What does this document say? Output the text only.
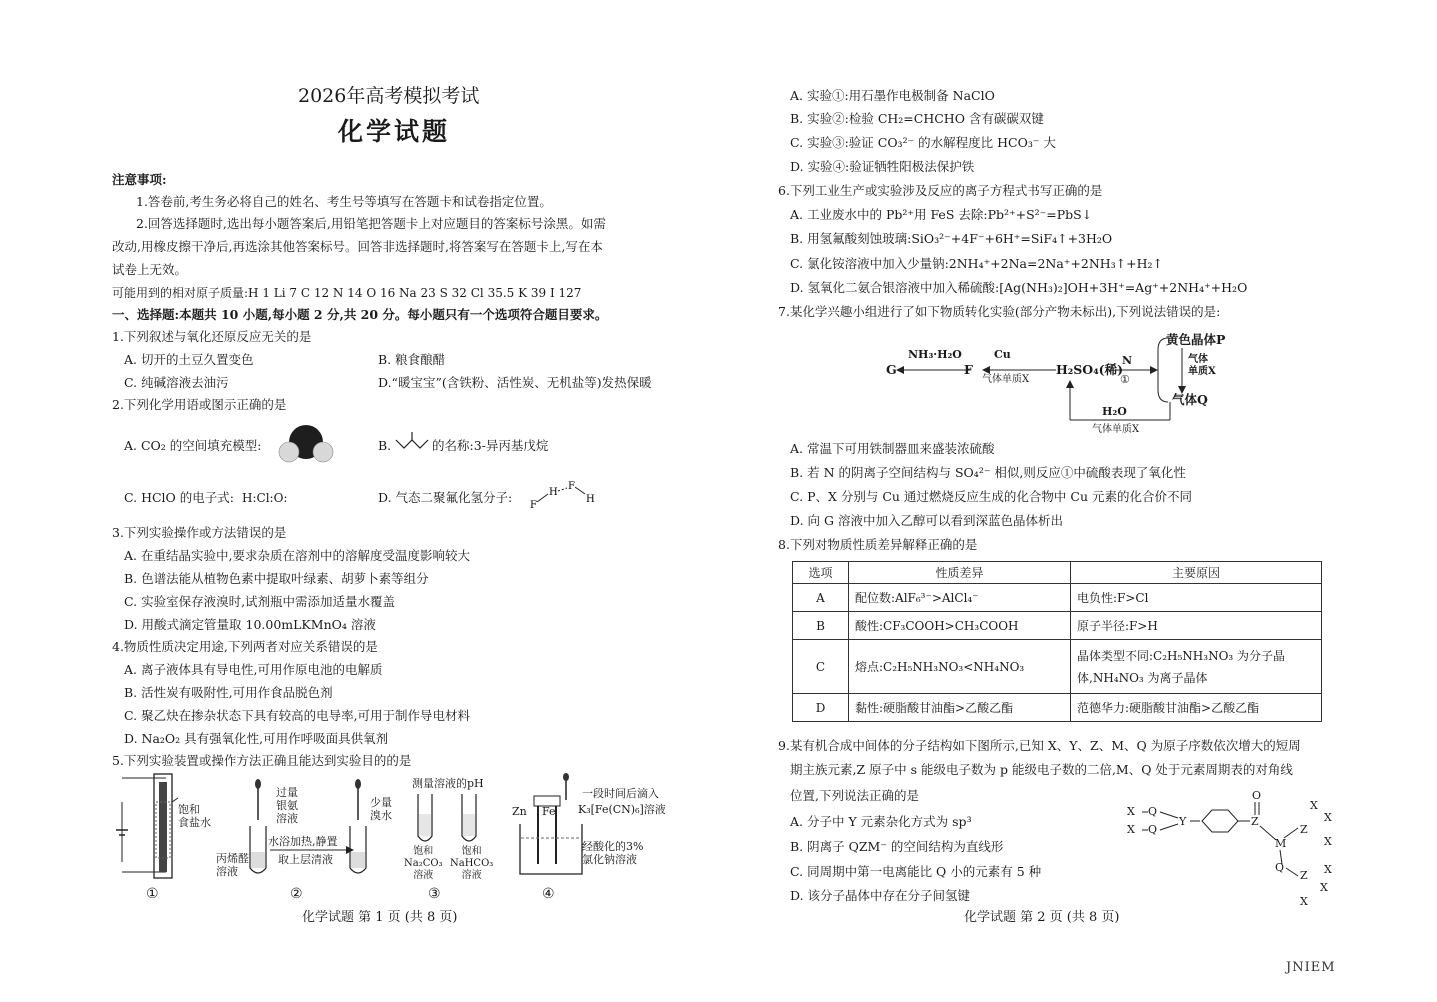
2026年高考模拟考试
化学试题
注意事项:
1.答卷前,考生务必将自己的姓名、考生号等填写在答题卡和试卷指定位置。
2.回答选择题时,选出每小题答案后,用铅笔把答题卡上对应题目的答案标号涂黑。如需
改动,用橡皮擦干净后,再选涂其他答案标号。回答非选择题时,将答案写在答题卡上,写在本
试卷上无效。
可能用到的相对原子质量:H 1 Li 7 C 12 N 14 O 16 Na 23 S 32 Cl 35.5 K 39 I 127
一、选择题:本题共 10 小题,每小题 2 分,共 20 分。每小题只有一个选项符合题目要求。
1.下列叙述与氧化还原反应无关的是
A. 切开的土豆久置变色	B. 粮食酿醋
C. 纯碱溶液去油污	D.“暖宝宝”(含铁粉、活性炭、无机盐等)发热保暖
2.下列化学用语或图示正确的是
A. CO₂ 的空间填充模型:	B.	的名称:3-异丙基戊烷
C. HClO 的电子式: H:Cl:O:	D. 气态二聚氟化氢分子:
F
H
F
H
3.下列实验操作或方法错误的是
A. 在重结晶实验中,要求杂质在溶剂中的溶解度受温度影响较大
B. 色谱法能从植物色素中提取叶绿素、胡萝卜素等组分
C. 实验室保存液溴时,试剂瓶中需添加适量水覆盖
D. 用酸式滴定管量取 10.00mLKMnO₄ 溶液
4.物质性质决定用途,下列两者对应关系错误的是
A. 离子液体具有导电性,可用作原电池的电解质
B. 活性炭有吸附性,可用作食品脱色剂
C. 聚乙炔在掺杂状态下具有较高的电导率,可用于制作导电材料
D. Na₂O₂ 具有强氧化性,可用作呼吸面具供氧剂
5.下列实验装置或操作方法正确且能达到实验目的的是
饱和
食盐水
过量
银氨
溶液
水浴加热,静置
取上层清液
丙烯醛
溶液
少量
溴水
测量溶液的pH
饱和
Na₂CO₃
溶液
饱和
NaHCO₃
溶液
一段时间后滴入
K₃[Fe(CN)₆]溶液
Zn Fe
经酸化的3%
氯化钠溶液
①	②	③	④
化学试题 第 1 页 (共 8 页)
A. 实验①:用石墨作电极制备 NaClO
B. 实验②:检验 CH₂=CHCHO 含有碳碳双键
C. 实验③:验证 CO₃²⁻ 的水解程度比 HCO₃⁻ 大
D. 实验④:验证牺牲阳极法保护铁
6.下列工业生产或实验涉及反应的离子方程式书写正确的是
A. 工业废水中的 Pb²⁺用 FeS 去除:Pb²⁺+S²⁻=PbS↓
B. 用氢氟酸刻蚀玻璃:SiO₃²⁻+4F⁻+6H⁺=SiF₄↑+3H₂O
C. 氯化铵溶液中加入少量钠:2NH₄⁺+2Na=2Na⁺+2NH₃↑+H₂↑
D. 氢氧化二氨合银溶液中加入稀硫酸:[Ag(NH₃)₂]OH+3H⁺=Ag⁺+2NH₄⁺+H₂O
7.某化学兴趣小组进行了如下物质转化实验(部分产物未标出),下列说法错误的是:
G
NH₃·H₂O
F
Cu
气体单质X
H₂SO₄(稀)
N
①
黄色晶体P
气体
单质X
气体Q
H₂O
气体单质X
A. 常温下可用铁制器皿来盛装浓硫酸
B. 若 N 的阴离子空间结构与 SO₄²⁻ 相似,则反应①中硫酸表现了氧化性
C. P、X 分别与 Cu 通过燃烧反应生成的化合物中 Cu 元素的化合价不同
D. 向 G 溶液中加入乙醇可以看到深蓝色晶体析出
8.下列对物质性质差异解释正确的是
选项	性质差异	主要原因
A	配位数:AlF₆³⁻>AlCl₄⁻	电负性:F>Cl
B	酸性:CF₃COOH>CH₃COOH	原子半径:F>H
C	熔点:C₂H₅NH₃NO₃<NH₄NO₃	晶体类型不同:C₂H₅NH₃NO₃ 为分子晶体,NH₄NO₃ 为离子晶体
D	黏性:硬脂酸甘油酯>乙酸乙酯	范德华力:硬脂酸甘油酯>乙酸乙酯
9.某有机合成中间体的分子结构如下图所示,已知 X、Y、Z、M、Q 为原子序数依次增大的短周
期主族元素,Z 原子中 s 能级电子数为 p 能级电子数的二倍,M、Q 处于元素周期表的对角线
位置,下列说法正确的是
A. 分子中 Y 元素杂化方式为 sp³
B. 阴离子 QZM⁻ 的空间结构为直线形
C. 同周期中第一电离能比 Q 小的元素有 5 种
D. 该分子晶体中存在分子间氢键
X
X
Q
Q
Y
O
Z
M
Z
X
X
X
Q
Z X
X
X
化学试题 第 2 页 (共 8 页)
JNIEM
